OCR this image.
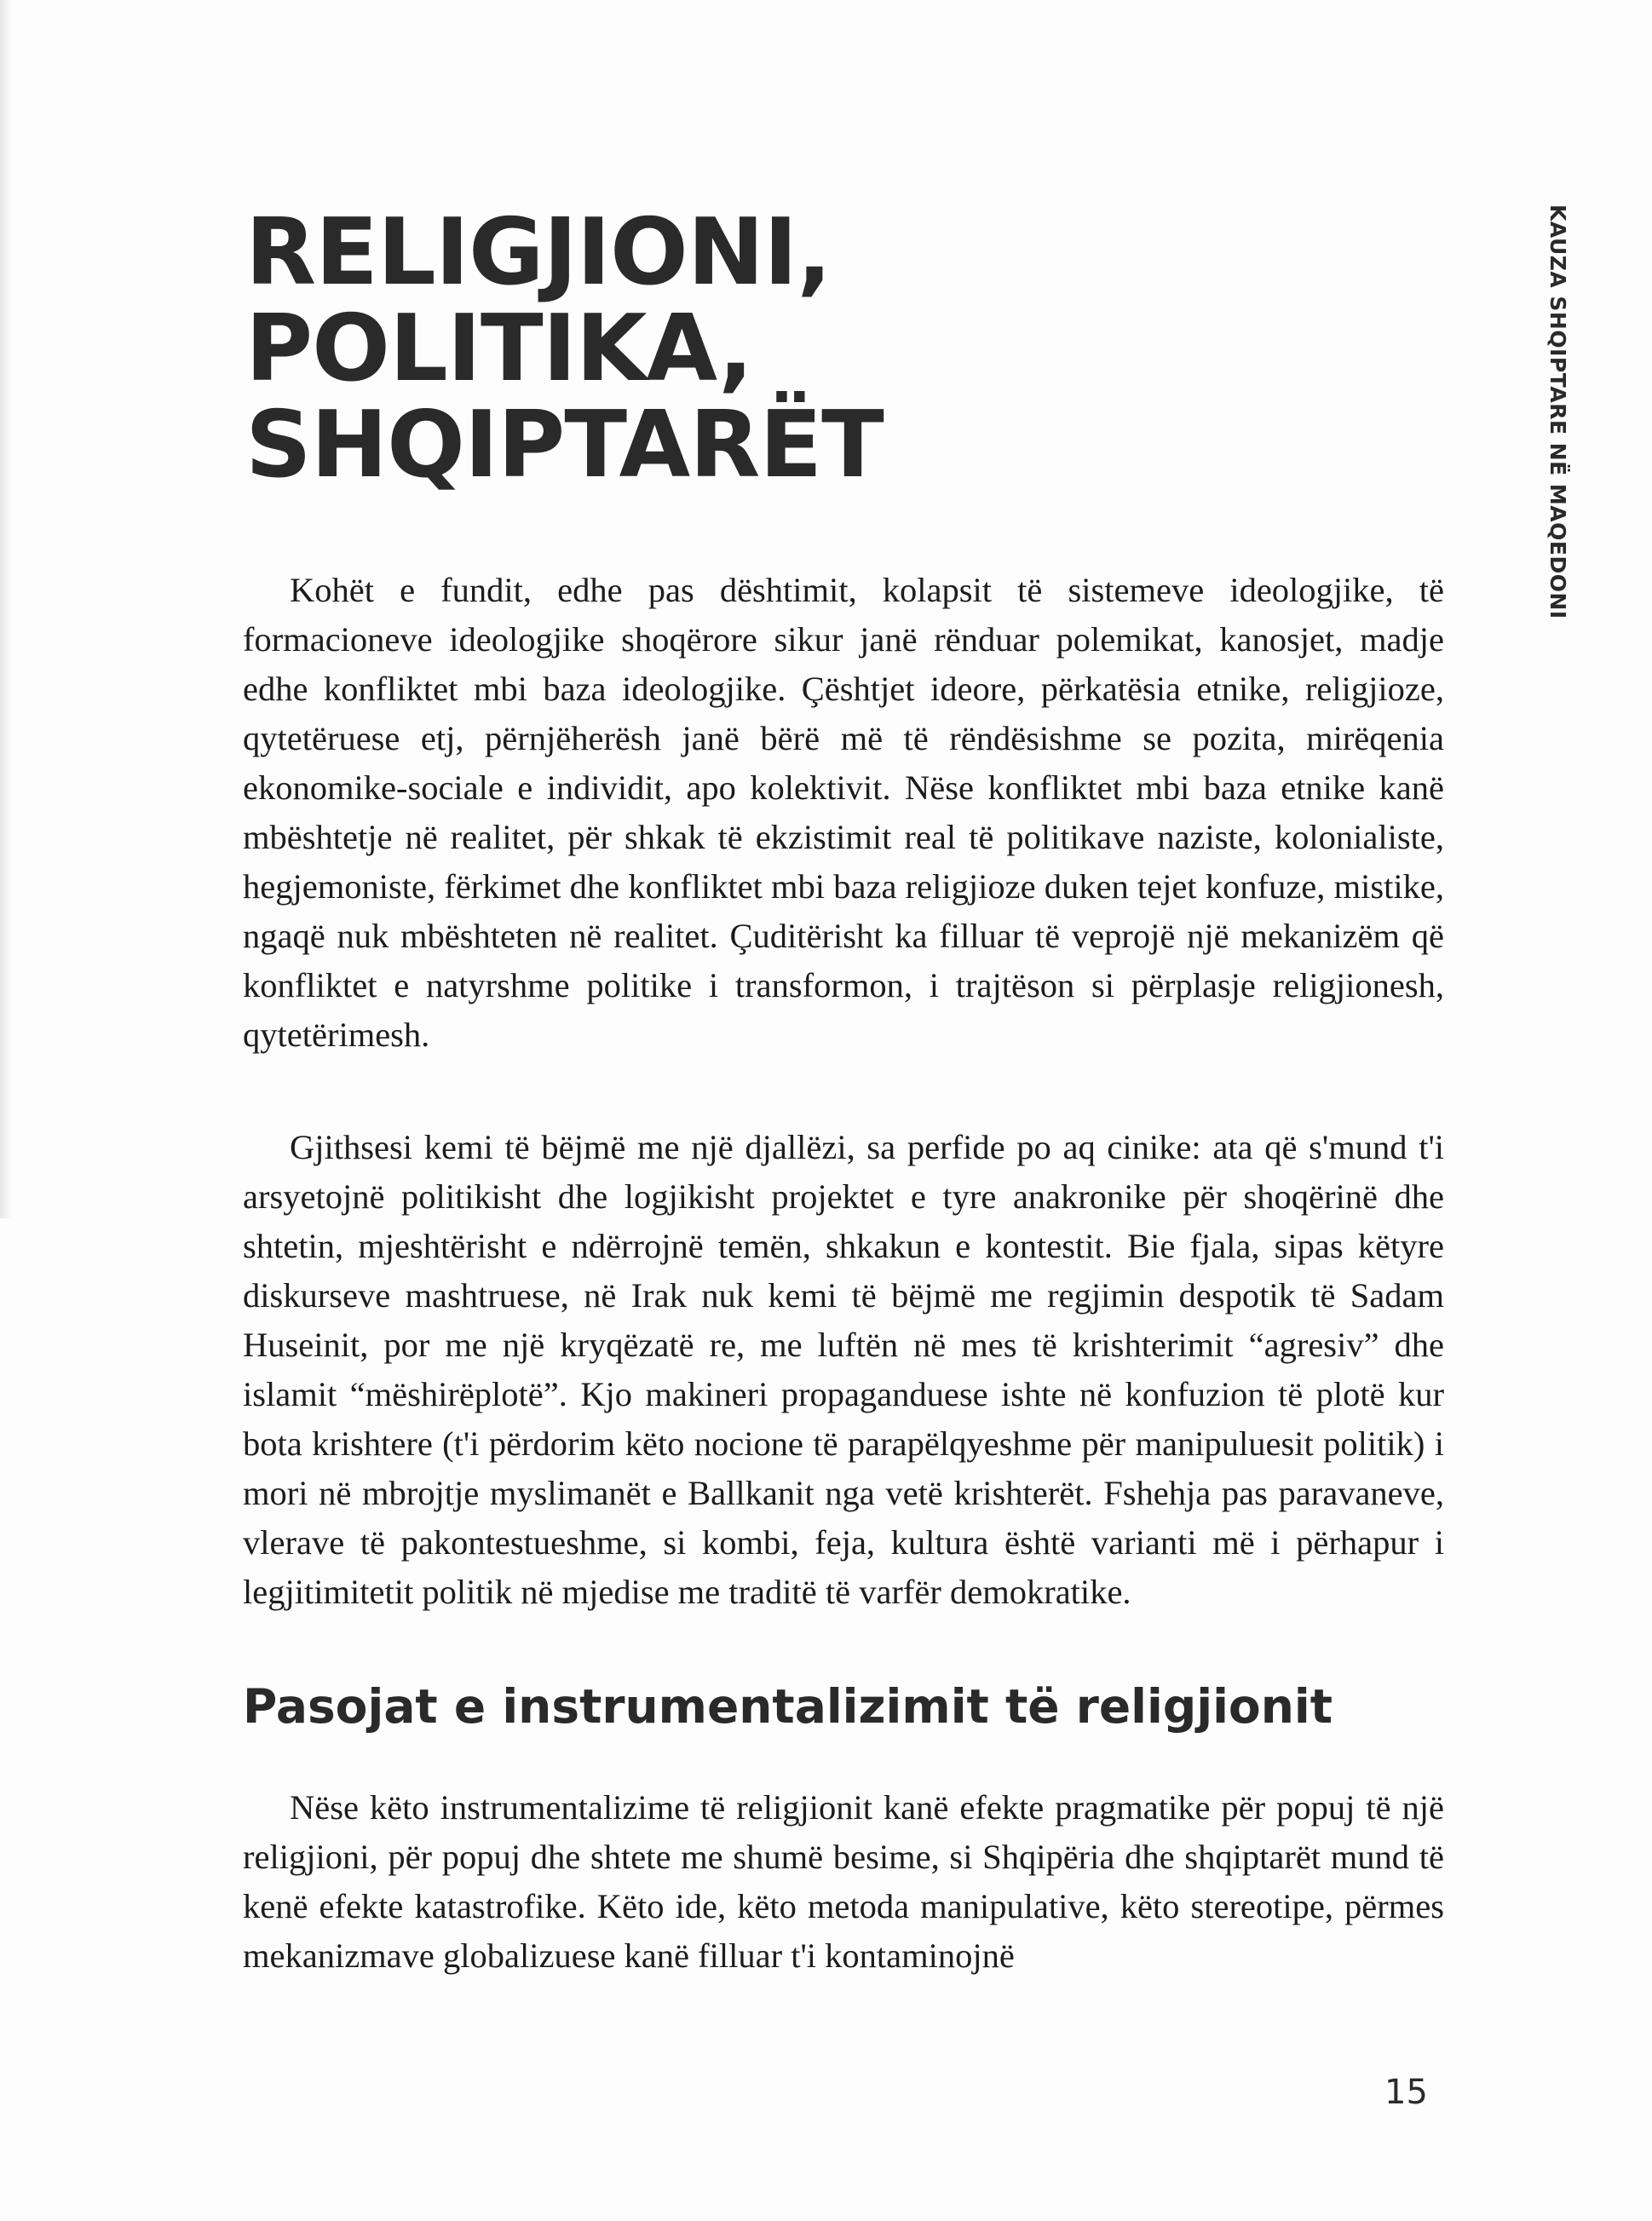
RELIGJIONI,
POLITIKA,
SHQIPTARËT	KAUZA SHQIPTARE NË MAQEDONI

Kohët e fundit, edhe pas dështimit, kolapsit të sistemeve ideologjike, të formacioneve ideologjike shoqërore sikur janë rënduar polemikat, kanosjet, madje edhe konfliktet mbi baza ideologjike. Çështjet ideore, përkatësia etnike, religjioze, qytetëruese etj, përnjëherësh janë bërë më të rëndësishme se pozita, mirëqenia ekonomike-sociale e individit, apo kolektivit. Nëse konfliktet mbi baza etnike kanë mbështetje në realitet, për shkak të ekzistimit real të politikave naziste, kolonialiste, hegjemoniste, fërkimet dhe konfliktet mbi baza religjioze duken tejet konfuze, mistike, ngaqë nuk mbështeten në realitet. Çuditërisht ka filluar të veprojë një mekanizëm që konfliktet e natyrshme politike i transformon, i trajtëson si përplasje religjionesh, qytetërimesh.

Gjithsesi kemi të bëjmë me një djallëzi, sa perfide po aq cinike: ata që s'mund t'i arsyetojnë politikisht dhe logjikisht projektet e tyre anakronike për shoqërinë dhe shtetin, mjeshtërisht e ndërrojnë temën, shkakun e kontestit. Bie fjala, sipas këtyre diskurseve mashtruese, në Irak nuk kemi të bëjmë me regjimin despotik të Sadam Huseinit, por me një kryqëzatë re, me luftën në mes të krishterimit “agresiv” dhe islamit “mëshirëplotë”. Kjo makineri propaganduese ishte në konfuzion të plotë kur bota krishtere (t'i përdorim këto nocione të parapëlqyeshme për manipuluesit politik) i mori në mbrojtje myslimanët e Ballkanit nga vetë krishterët. Fshehja pas paravaneve, vlerave të pakontestueshme, si kombi, feja, kultura është varianti më i përhapur i legjitimitetit politik në mjedise me traditë të varfër demokratike.

Pasojat e instrumentalizimit të religjionit

Nëse këto instrumentalizime të religjionit kanë efekte pragmatike për popuj të një religjioni, për popuj dhe shtete me shumë besime, si Shqipëria dhe shqiptarët mund të kenë efekte katastrofike. Këto ide, këto metoda manipulative, këto stereotipe, përmes mekanizmave globalizuese kanë filluar t'i kontaminojnë

15
